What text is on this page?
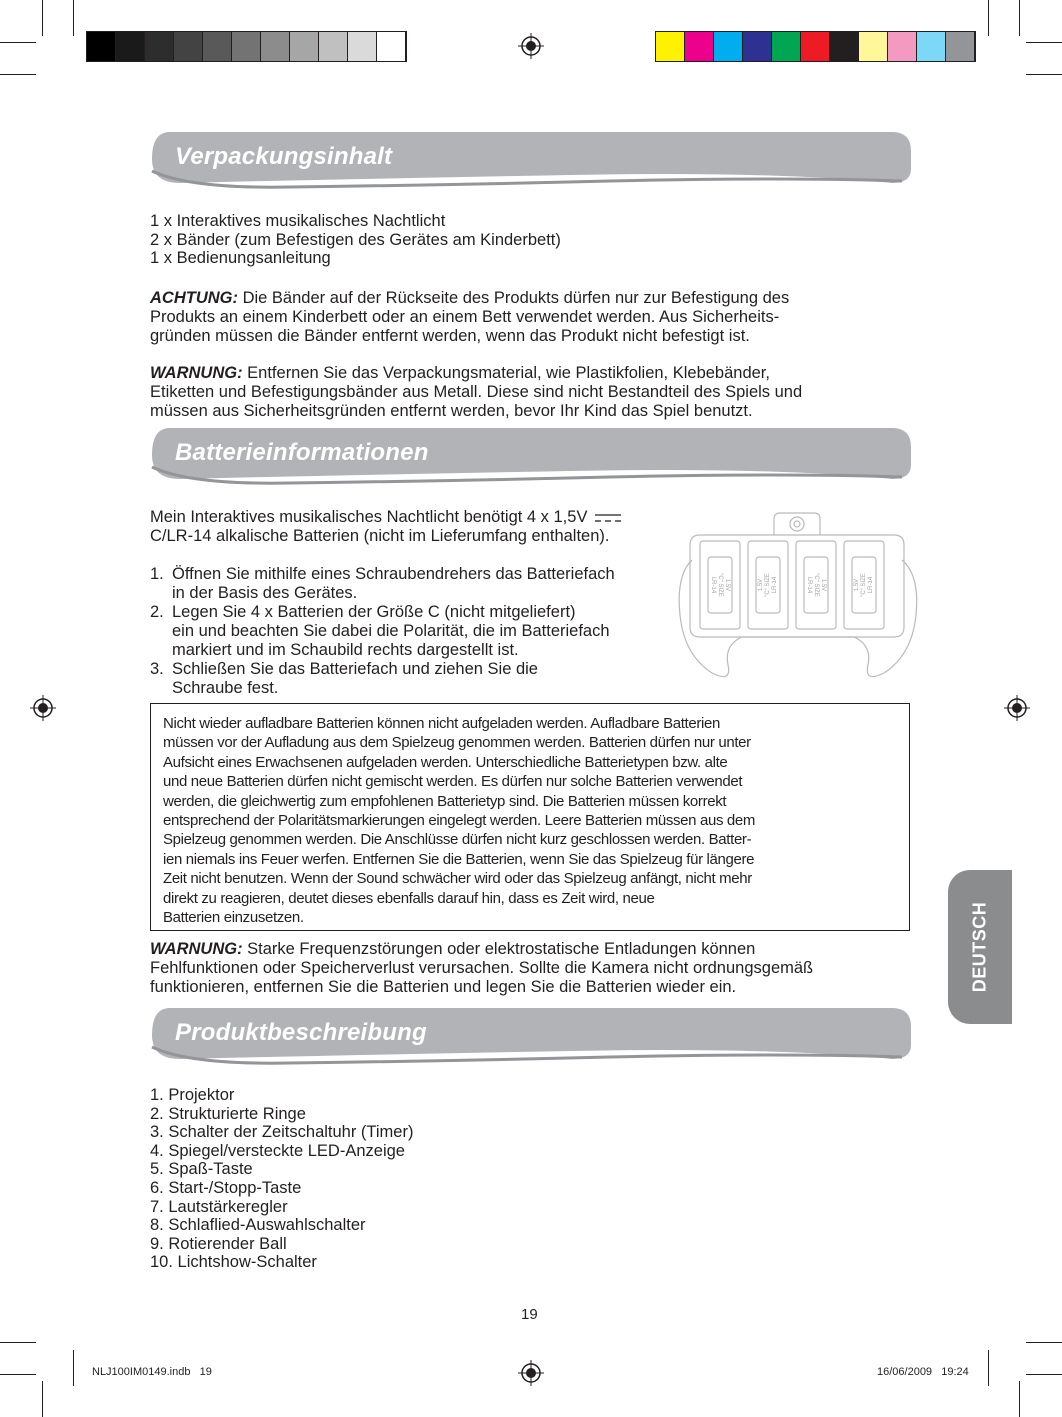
Verpackungsinhalt
1 x Interaktives musikalisches Nachtlicht
2 x Bänder (zum Befestigen des Gerätes am Kinderbett)
1 x Bedienungsanleitung

ACHTUNG: Die Bänder auf der Rückseite des Produkts dürfen nur zur Befestigung des

Produkts an einem Kinderbett oder an einem Bett verwendet werden. Aus Sicherheits-

gründen müssen die Bänder entfernt werden, wenn das Produkt nicht befestigt ist.

WARNUNG: Entfernen Sie das Verpackungsmaterial, wie Plastikfolien, Klebebänder,

Etiketten und Befestigungsbänder aus Metall. Diese sind nicht Bestandteil des Spiels und

müssen aus Sicherheitsgründen entfernt werden, bevor Ihr Kind das Spiel benutzt.

Batterieinformationen

Mein Interaktives musikalisches Nachtlicht benötigt 4 x 1,5V

C/LR-14 alkalische Batterien (nicht im Lieferumfang enthalten).

1. Öffnen Sie mithilfe eines Schraubendrehers das Batteriefach

in der Basis des Gerätes.

2. Legen Sie 4 x Batterien der Größe C (nicht mitgeliefert)

ein und beachten Sie dabei die Polarität, die im Batteriefach

markiert und im Schaubild rechts dargestellt ist.

3. Schließen Sie das Batteriefach und ziehen Sie die

Schraube fest.

1.5V
"C" SIZE
LR-14	1.5V "C" SIZE LR-14	1.5V
"C" SIZE
LR-14	1.5V "C" SIZE LR-14

Nicht wieder aufladbare Batterien können nicht aufgeladen werden. Aufladbare Batterien
müssen vor der Aufladung aus dem Spielzeug genommen werden. Batterien dürfen nur unter
Aufsicht eines Erwachsenen aufgeladen werden. Unterschiedliche Batterietypen bzw. alte
und neue Batterien dürfen nicht gemischt werden. Es dürfen nur solche Batterien verwendet
werden, die gleichwertig zum empfohlenen Batterietyp sind. Die Batterien müssen korrekt
entsprechend der Polaritätsmarkierungen eingelegt werden. Leere Batterien müssen aus dem
Spielzeug genommen werden. Die Anschlüsse dürfen nicht kurz geschlossen werden. Batter-
ien niemals ins Feuer werfen. Entfernen Sie die Batterien, wenn Sie das Spielzeug für längere
Zeit nicht benutzen. Wenn der Sound schwächer wird oder das Spielzeug anfängt, nicht mehr
direkt zu reagieren, deutet dieses ebenfalls darauf hin, dass es Zeit wird, neue
Batterien einzusetzen.

WARNUNG: Starke Frequenzstörungen oder elektrostatische Entladungen können

Fehlfunktionen oder Speicherverlust verursachen. Sollte die Kamera nicht ordnungsgemäß

funktionieren, entfernen Sie die Batterien und legen Sie die Batterien wieder ein.

Produktbeschreibung
1. Projektor
2. Strukturierte Ringe
3. Schalter der Zeitschaltuhr (Timer)
4. Spiegel/versteckte LED-Anzeige
5. Spaß-Taste
6. Start-/Stopp-Taste
7. Lautstärkeregler
8. Schlaflied-Auswahlschalter
9. Rotierender Ball
10. Lichtshow-Schalter
DEUTSCH
19
NLJ100IM0149.indb   19	16/06/2009   19:24
